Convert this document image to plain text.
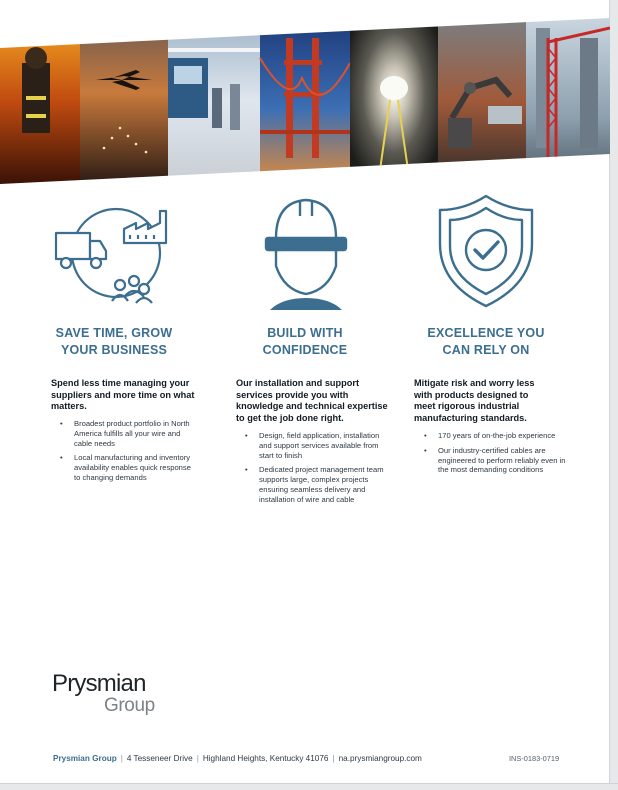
SAVE TIME, GROW
YOUR BUSINESS

Spend less time managing your suppliers and more time on what matters.

• Broadest product portfolio in North America fulfills all your wire and cable needs
• Local manufacturing and inventory availability enables quick response to changing demands
BUILD WITH
CONFIDENCE

Our installation and support services provide you with knowledge and technical expertise to get the job done right.

• Design, field application, installation and support services available from start to finish
• Dedicated project management team supports large, complex projects ensuring seamless delivery and installation of wire and cable
EXCELLENCE YOU
CAN RELY ON

Mitigate risk and worry less with products designed to meet rigorous industrial manufacturing standards.

• 170 years of on-the-job experience
• Our industry-certified cables are engineered to perform reliably even in the most demanding conditions
Prysmian
Group
Prysmian Group | 4 Tesseneer Drive | Highland Heights, Kentucky 41076 | na.prysmiangroup.com	INS-0183-0719
